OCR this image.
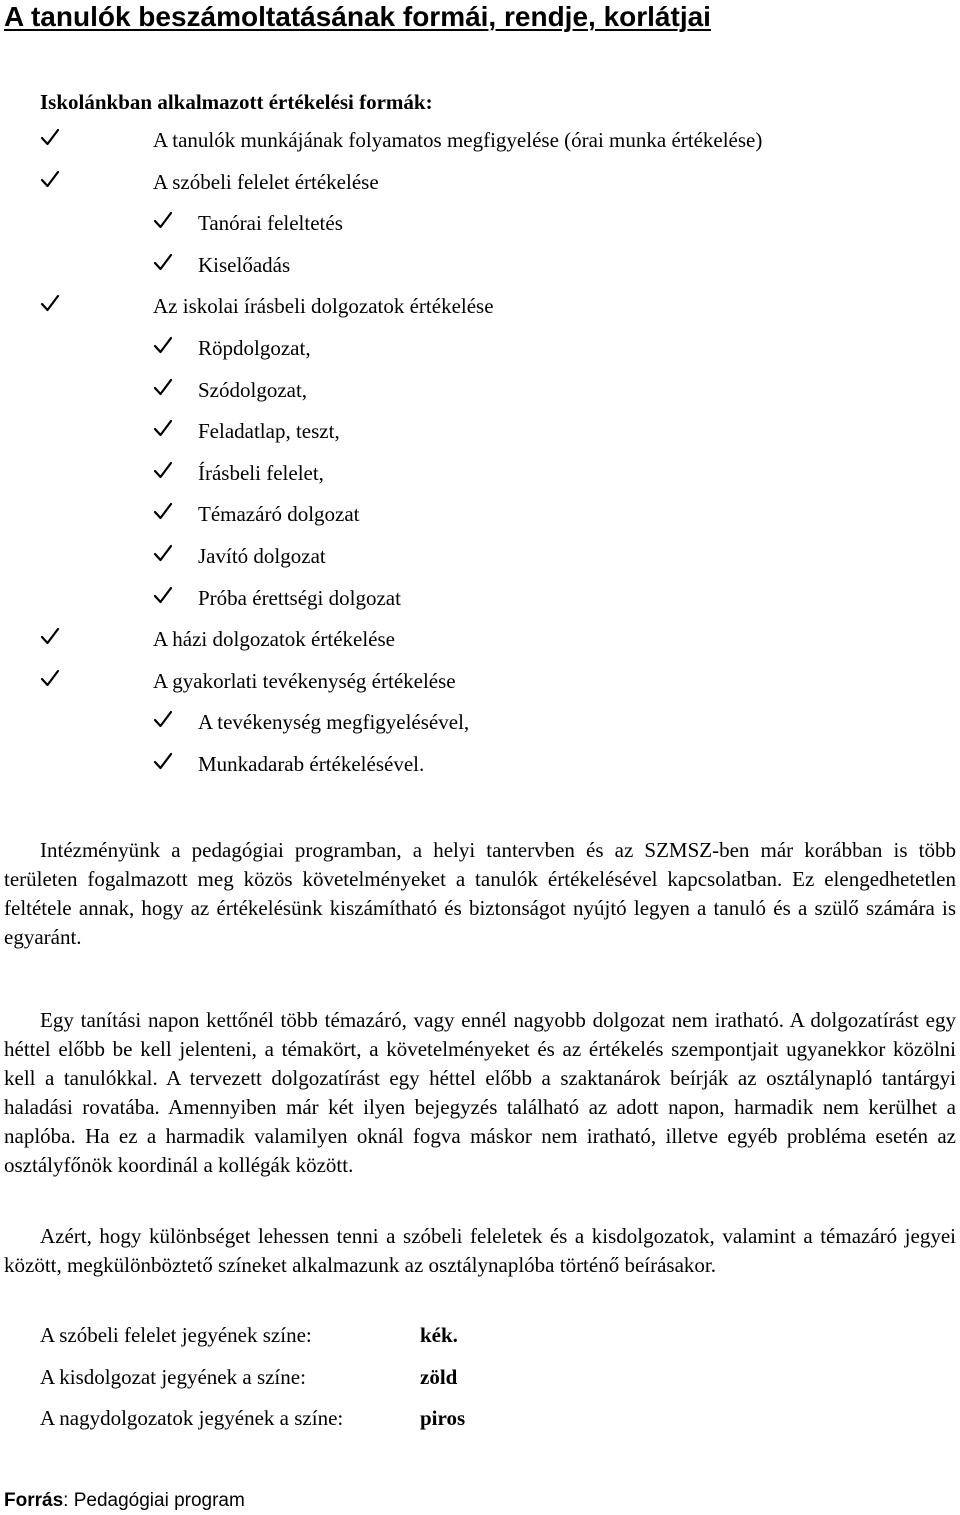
A tanulók beszámoltatásának formái, rendje, korlátjai
Iskolánkban alkalmazott értékelési formák:
A tanulók munkájának folyamatos megfigyelése (órai munka értékelése)
A szóbeli felelet értékelése
Tanórai feleltetés
Kiselőadás
Az iskolai írásbeli dolgozatok értékelése
Röpdolgozat,
Szódolgozat,
Feladatlap, teszt,
Írásbeli felelet,
Témazáró dolgozat
Javító dolgozat
Próba érettségi dolgozat
A házi dolgozatok értékelése
A gyakorlati tevékenység értékelése
A tevékenység megfigyelésével,
Munkadarab értékelésével.

Intézményünk a pedagógiai programban, a helyi tantervben és az SZMSZ-ben már korábban is több területen fogalmazott meg közös követelményeket a tanulók értékelésével kapcsolatban. Ez elengedhetetlen feltétele annak, hogy az értékelésünk kiszámítható és biztonságot nyújtó legyen a tanuló és a szülő számára is egyaránt.

Egy tanítási napon kettőnél több témazáró, vagy ennél nagyobb dolgozat nem iratható. A dolgozatírást egy héttel előbb be kell jelenteni, a témakört, a követelményeket és az értékelés szempontjait ugyanekkor közölni kell a tanulókkal. A tervezett dolgozatírást egy héttel előbb a szaktanárok beírják az osztálynapló tantárgyi haladási rovatába. Amennyiben már két ilyen bejegyzés található az adott napon, harmadik nem kerülhet a naplóba. Ha ez a harmadik valamilyen oknál fogva máskor nem iratható, illetve egyéb probléma esetén az osztályfőnök koordinál a kollégák között.

Azért, hogy különbséget lehessen tenni a szóbeli feleletek és a kisdolgozatok, valamint a témazáró jegyei között, megkülönböztető színeket alkalmazunk az osztálynaplóba történő beírásakor.

A szóbeli felelet jegyének színe:	kék.
A kisdolgozat jegyének a színe:	zöld
A nagydolgozatok jegyének a színe:	piros
Forrás: Pedagógiai program
